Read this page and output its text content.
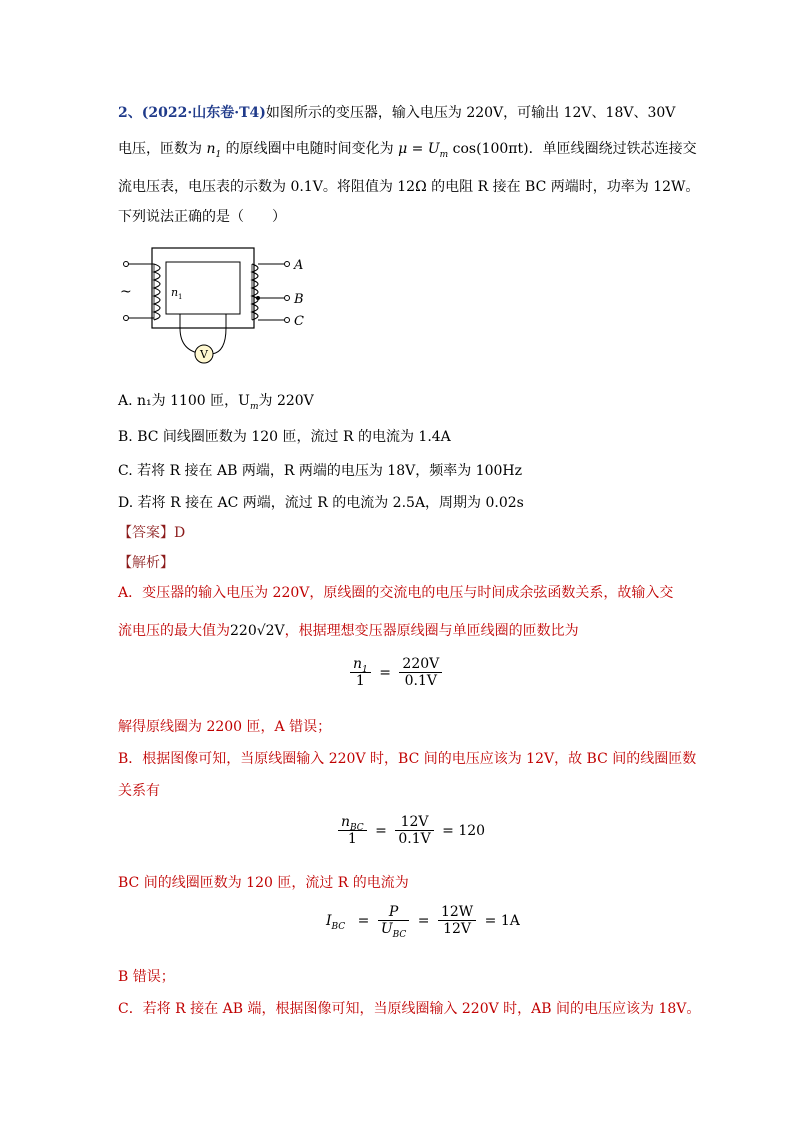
2、(2022·山东卷·T4)如图所示的变压器，输入电压为 220V，可输出 12V、18V、30V
电压，匝数为 $n_1$ 的原线圈中电随时间变化为 $\mu = U_m$ cos(100πt)．单匝线圈绕过铁芯连接交
流电压表，电压表的示数为 0.1V。将阻值为 12Ω 的电阻 R 接在 BC 两端时，功率为 12W。
下列说法正确的是（　　）
~	n 1
A
B
C
V
A. n₁为 1100 匝，$U_m$为 220V
B. BC 间线圈匝数为 120 匝，流过 R 的电流为 1.4A
C. 若将 R 接在 AB 两端，R 两端的电压为 18V，频率为 100Hz
D. 若将 R 接在 AC 两端，流过 R 的电流为 2.5A，周期为 0.02s
【答案】D
【解析】
A．变压器的输入电压为 220V，原线圈的交流电的电压与时间成余弦函数关系，故输入交
流电压的最大值为220√2V，根据理想变压器原线圈与单匝线圈的匝数比为
$\frac{n_1}{1} = \frac{220V}{0.1V}$
解得原线圈为 2200 匝，A 错误；
B．根据图像可知，当原线圈输入 220V 时，BC 间的电压应该为 12V，故 BC 间的线圈匝数
关系有
$\frac{n_{BC}}{1} = \frac{12V}{0.1V} = 120$
BC 间的线圈匝数为 120 匝，流过 R 的电流为
$I_{BC} = \frac{P}{U_{BC}} = \frac{12W}{12V} = 1A$
B 错误；
C．若将 R 接在 AB 端，根据图像可知，当原线圈输入 220V 时，AB 间的电压应该为 18V。
